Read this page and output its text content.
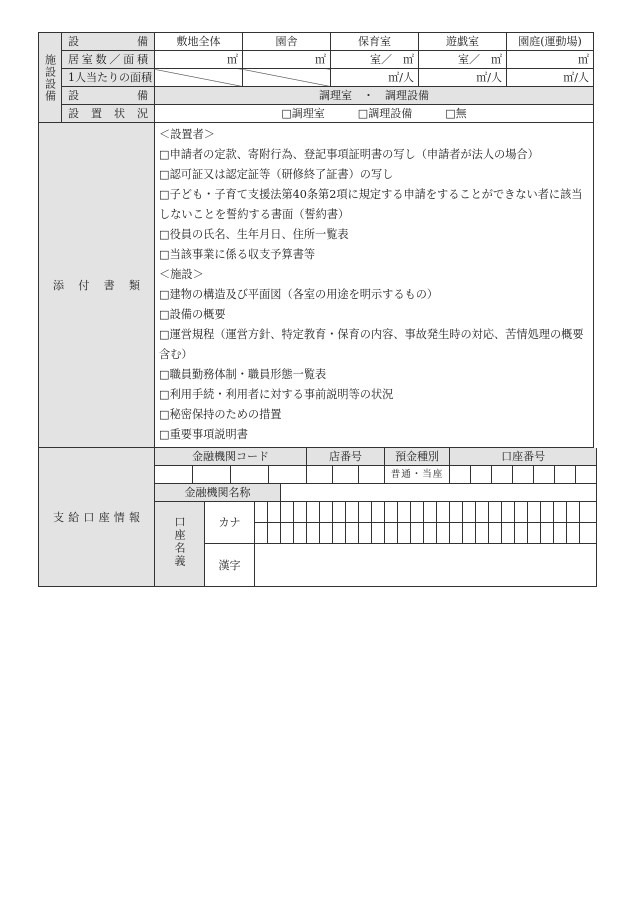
施設設備	設　　備	敷地全体	園舎	保育室	遊戯室	園庭(運動場)
	居室数／面積	㎡	㎡	室／　㎡	室／　㎡	㎡
	1人当たりの面積			㎡/人	㎡/人	㎡/人
	設　　備	調理室　・　調理設備				
	設置状況	□調理室 □調理設備 □無				
添付書類	
＜設置者＞
□申請者の定款、寄附行為、登記事項証明書の写し（申請者が法人の場合）
□認可証又は認定証等（研修終了証書）の写し
□子ども・子育て支援法第40条第2項に規定する申請をすることができない者に該当しないことを誓約する書面（誓約書）
□役員の氏名、生年月日、住所一覧表
□当該事業に係る収支予算書等
＜施設＞
□建物の構造及び平面図（各室の用途を明示するもの）
□設備の概要
□運営規程（運営方針、特定教育・保育の内容、事故発生時の対応、苦情処理の概要含む）
□職員勤務体制・職員形態一覧表
□利用手続・利用者に対する事前説明等の状況
□秘密保持のための措置
□重要事項説明書
支給口座情報	金融機関コード						店番号						預金種別					口座番号										

												普通・当座															

	金融機関名称																											
	口座名義	カナ																										

		漢字																										
